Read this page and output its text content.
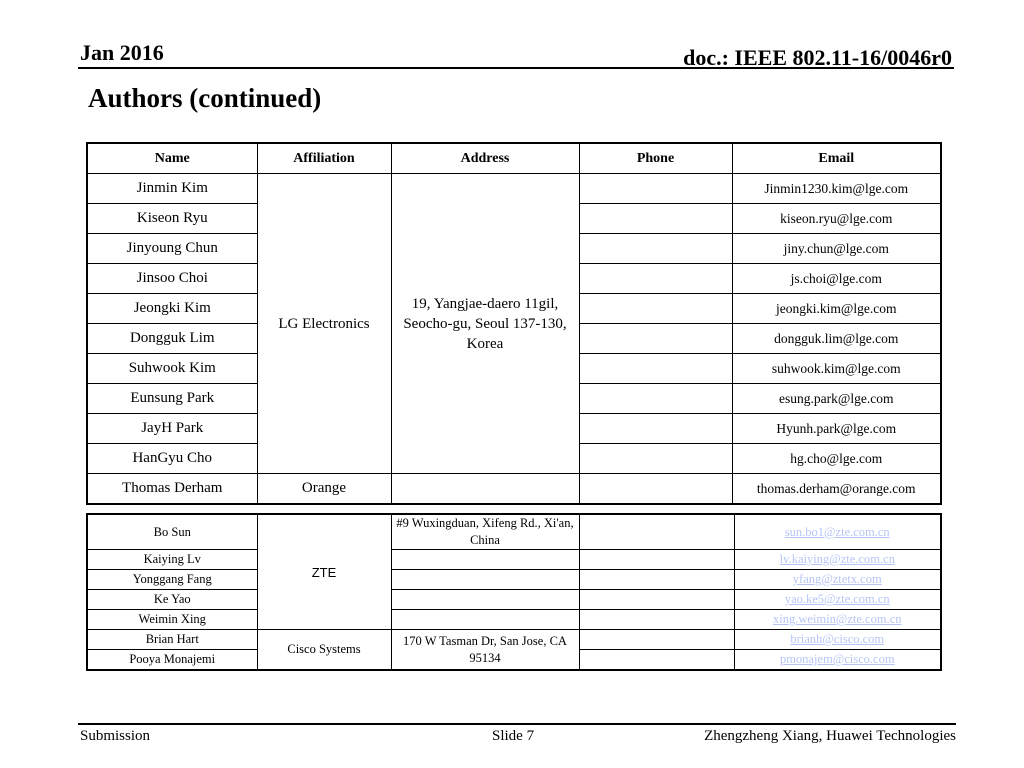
Jan 2016	doc.: IEEE 802.11-16/0046r0
Authors (continued)
Name	Affiliation	Address	Phone	Email
Jinmin Kim	LG Electronics	19, Yangjae-daero 11gil, Seocho-gu, Seoul 137-130, Korea		Jinmin1230.kim@lge.com
Kiseon Ryu				kiseon.ryu@lge.com
Jinyoung Chun				jiny.chun@lge.com
Jinsoo Choi				js.choi@lge.com
Jeongki Kim				jeongki.kim@lge.com
Dongguk Lim				dongguk.lim@lge.com
Suhwook Kim				suhwook.kim@lge.com
Eunsung Park				esung.park@lge.com
JayH Park				Hyunh.park@lge.com
HanGyu Cho				hg.cho@lge.com
Thomas Derham	Orange			thomas.derham@orange.com
Bo Sun	ZTE	#9 Wuxingduan, Xifeng Rd., Xi'an, China		sun.bo1@zte.com.cn
Kaiying Lv				lv.kaiying@zte.com.cn
Yonggang Fang				yfang@ztetx.com
Ke Yao				yao.ke5@zte.com.cn
Weimin Xing				xing.weimin@zte.com.cn
Brian Hart	Cisco Systems	170 W Tasman Dr, San Jose, CA 95134		brianh@cisco.com
Pooya Monajemi				pmonajem@cisco.com
Submission	Slide 7	Zhengzheng Xiang, Huawei Technologies
